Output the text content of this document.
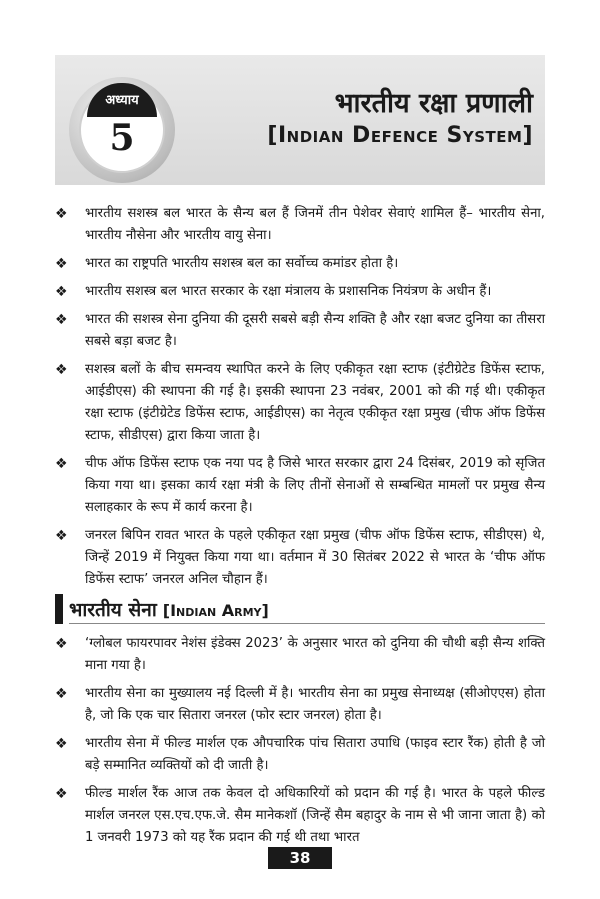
अध्याय
5
भारतीय रक्षा प्रणाली
[Indian Defence System]
❖ भारतीय सशस्त्र बल भारत के सैन्य बल हैं जिनमें तीन पेशेवर सेवाएं शामिल हैं– भारतीय सेना, भारतीय नौसेना और भारतीय वायु सेना।
❖ भारत का राष्ट्रपति भारतीय सशस्त्र बल का सर्वोच्च कमांडर होता है।
❖ भारतीय सशस्त्र बल भारत सरकार के रक्षा मंत्रालय के प्रशासनिक नियंत्रण के अधीन हैं।
❖ भारत की सशस्त्र सेना दुनिया की दूसरी सबसे बड़ी सैन्य शक्ति है और रक्षा बजट दुनिया का तीसरा सबसे बड़ा बजट है।
❖ सशस्त्र बलों के बीच समन्वय स्थापित करने के लिए एकीकृत रक्षा स्टाफ (इंटीग्रेटेड डिफेंस स्टाफ, आईडीएस) की स्थापना की गई है। इसकी स्थापना 23 नवंबर, 2001 को की गई थी। एकीकृत रक्षा स्टाफ (इंटीग्रेटेड डिफेंस स्टाफ, आईडीएस) का नेतृत्व एकीकृत रक्षा प्रमुख (चीफ ऑफ डिफेंस स्टाफ, सीडीएस) द्वारा किया जाता है।
❖ चीफ ऑफ डिफेंस स्टाफ एक नया पद है जिसे भारत सरकार द्वारा 24 दिसंबर, 2019 को सृजित किया गया था। इसका कार्य रक्षा मंत्री के लिए तीनों सेनाओं से सम्बन्धित मामलों पर प्रमुख सैन्य सलाहकार के रूप में कार्य करना है।
❖ जनरल बिपिन रावत भारत के पहले एकीकृत रक्षा प्रमुख (चीफ ऑफ डिफेंस स्टाफ, सीडीएस) थे, जिन्हें 2019 में नियुक्त किया गया था। वर्तमान में 30 सितंबर 2022 से भारत के ‘चीफ ऑफ डिफेंस स्टाफ’ जनरल अनिल चौहान हैं।
भारतीय सेना [Indian Army]
❖ ‘ग्लोबल फायरपावर नेशंस इंडेक्स 2023’ के अनुसार भारत को दुनिया की चौथी बड़ी सैन्य शक्ति माना गया है।
❖ भारतीय सेना का मुख्यालय नई दिल्ली में है। भारतीय सेना का प्रमुख सेनाध्यक्ष (सीओएएस) होता है, जो कि एक चार सितारा जनरल (फोर स्टार जनरल) होता है।
❖ भारतीय सेना में फील्ड मार्शल एक औपचारिक पांच सितारा उपाधि (फाइव स्टार रैंक) होती है जो बड़े सम्मानित व्यक्तियों को दी जाती है।
❖ फील्ड मार्शल रैंक आज तक केवल दो अधिकारियों को प्रदान की गई है। भारत के पहले फील्ड मार्शल जनरल एस.एच.एफ.जे. सैम मानेकशॉ (जिन्हें सैम बहादुर के नाम से भी जाना जाता है) को 1 जनवरी 1973 को यह रैंक प्रदान की गई थी तथा भारत
38
